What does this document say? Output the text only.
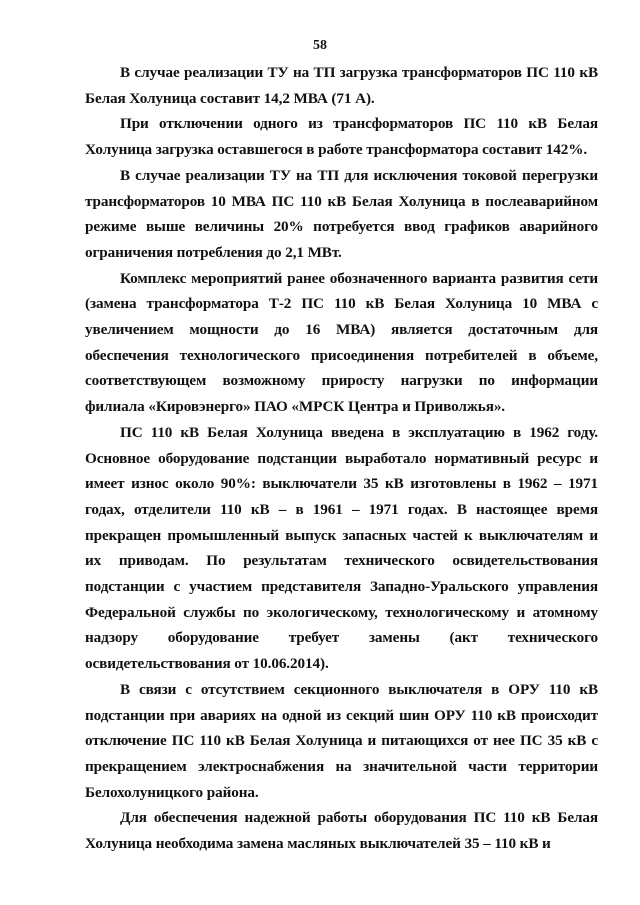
58

В случае реализации ТУ на ТП загрузка трансформаторов ПС 110 кВ Белая Холуница составит 14,2 МВА (71 А).

При отключении одного из трансформаторов ПС 110 кВ Белая Холуница загрузка оставшегося в работе трансформатора составит 142%.

В случае реализации ТУ на ТП для исключения токовой перегрузки трансформаторов 10 МВА ПС 110 кВ Белая Холуница в послеаварийном режиме выше величины 20% потребуется ввод графиков аварийного ограничения потребления до 2,1 МВт.

Комплекс мероприятий ранее обозначенного варианта развития сети (замена трансформатора Т-2 ПС 110 кВ Белая Холуница 10 МВА с увеличением мощности до 16 МВА) является достаточным для обеспечения технологического присоединения потребителей в объеме, соответствующем возможному приросту нагрузки по информации филиала «Кировэнерго» ПАО «МРСК Центра и Приволжья».

ПС 110 кВ Белая Холуница введена в эксплуатацию в 1962 году. Основное оборудование подстанции выработало нормативный ресурс и имеет износ около 90%: выключатели 35 кВ изготовлены в 1962 – 1971 годах, отделители 110 кВ – в 1961 – 1971 годах. В настоящее время прекращен промышленный выпуск запасных частей к выключателям и их приводам. По результатам технического освидетельствования подстанции с участием представителя Западно-Уральского управления Федеральной службы по экологическому, технологическому и атомному надзору оборудование требует замены (акт технического освидетельствования от 10.06.2014).

В связи с отсутствием секционного выключателя в ОРУ 110 кВ подстанции при авариях на одной из секций шин ОРУ 110 кВ происходит отключение ПС 110 кВ Белая Холуница и питающихся от нее ПС 35 кВ с прекращением электроснабжения на значительной части территории Белохолуницкого района.

Для обеспечения надежной работы оборудования ПС 110 кВ Белая Холуница необходима замена масляных выключателей 35 – 110 кВ и
